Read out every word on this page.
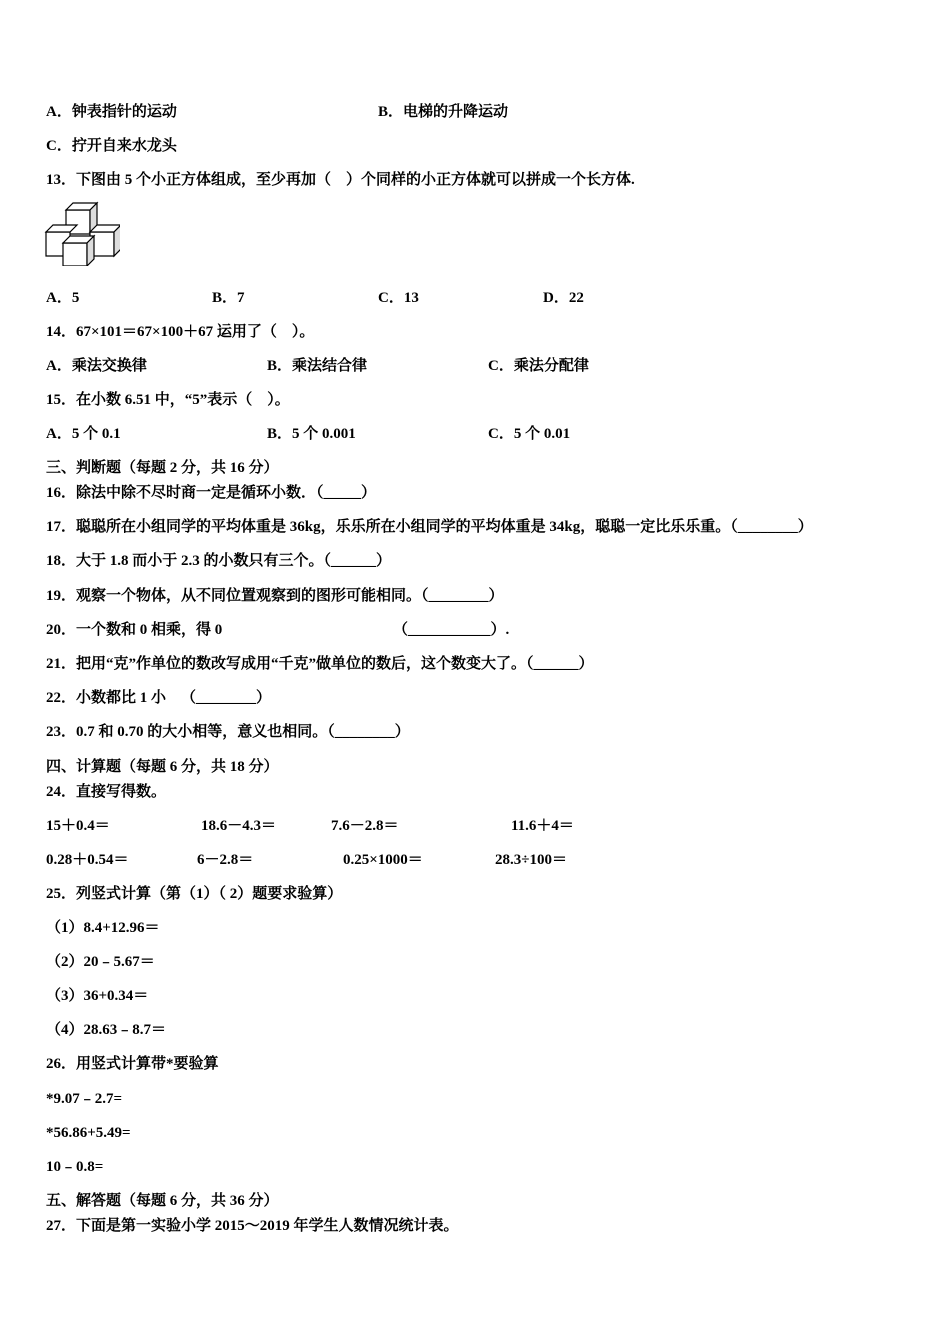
A．钟表指针的运动	B．电梯的升降运动
C．拧开自来水龙头
13．下图由 5 个小正方体组成，至少再加（    ）个同样的小正方体就可以拼成一个长方体.
A．5	B．7	C．13	D．22
14．67×101＝67×100＋67 运用了（    ）。
A．乘法交换律	B．乘法结合律	C．乘法分配律
15．在小数 6.51 中，“5”表示（    ）。
A．5 个 0.1	B．5 个 0.001	C．5 个 0.01
三、判断题（每题 2 分，共 16 分）
16．除法中除不尽时商一定是循环小数．（_____）
17．聪聪所在小组同学的平均体重是 36kg，乐乐所在小组同学的平均体重是 34kg，聪聪一定比乐乐重。（________）
18．大于 1.8 而小于 2.3 的小数只有三个。（______）
19．观察一个物体，从不同位置观察到的图形可能相同。（________）
20．一个数和 0 相乘，得 0	（___________）.
21．把用“克”作单位的数改写成用“千克”做单位的数后，这个数变大了。（______）
22．小数都比 1 小    （________）
23．0.7 和 0.70 的大小相等，意义也相同。（________）
四、计算题（每题 6 分，共 18 分）
24．直接写得数。
15＋0.4＝	18.6－4.3＝	7.6－2.8＝	11.6＋4＝
0.28＋0.54＝	6－2.8＝	0.25×1000＝	28.3÷100＝
25．列竖式计算（第（1）（ 2）题要求验算）
（1）8.4+12.96＝
（2）20﹣5.67＝
（3）36+0.34＝
（4）28.63﹣8.7＝
26．用竖式计算带*要验算
*9.07﹣2.7=
*56.86+5.49=
10﹣0.8=
五、解答题（每题 6 分，共 36 分）
27．下面是第一实验小学 2015～2019 年学生人数情况统计表。
